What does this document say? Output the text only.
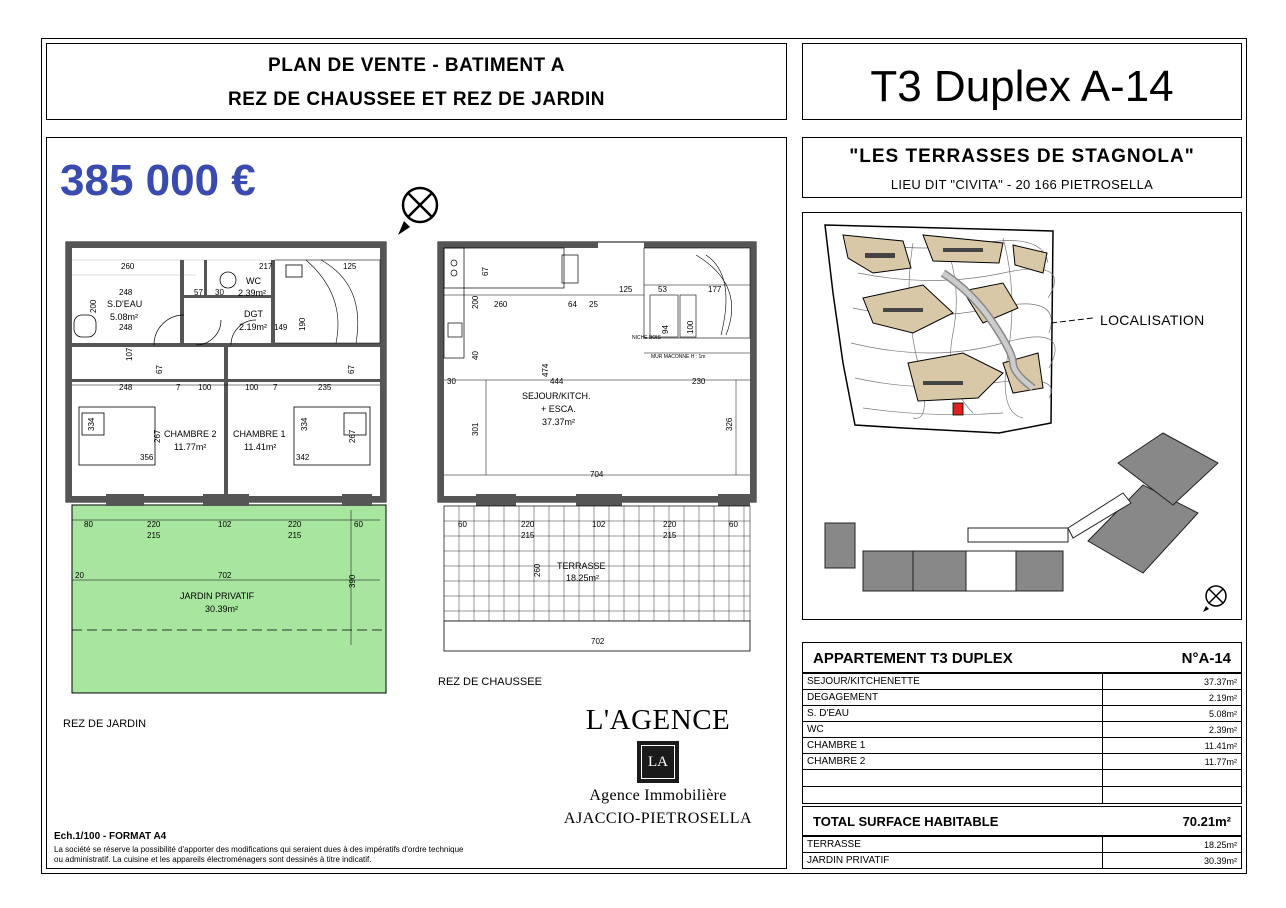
PLAN DE VENTE - BATIMENT A
REZ DE CHAUSSEE ET REZ DE JARDIN	T3 Duplex A-14
"LES TERRASSES DE STAGNOLA"
LIEU DIT "CIVITA" - 20 166 PIETROSELLA
LOCALISATION
385 000 €
260	217	125
248	57 30
248
248	7 100	100 7	235
149
356	342
80	220	102	220	60
215	215
20	702	390
200
107
190
67	67
334	334
267	267
S.D'EAU
5.08m²
WC
2.39m²
DGT
2.19m²
CHAMBRE 2
11.77m²
CHAMBRE 1
11.41m²
JARDIN PRIVATIF
30.39m²
67
200 260	64 25
125	53	177
94 100
40
474
30	444	230
301	326
704
60	220	102	220	60
215	215
260
702
NICHE BOIS
MUR MACONNE H : 1m
SEJOUR/KITCH.
+ ESCA.
37.37m²
TERRASSE
18.25m²
REZ DE JARDIN
REZ DE CHAUSSEE
L'AGENCE
LA
Agence Immobilière
AJACCIO-PIETROSELLA
Ech.1/100 - FORMAT A4
La société se réserve la possibilité d'apporter des modifications qui seraient dues à des impératifs d'ordre technique
ou administratif. La cuisine et les appareils électroménagers sont dessinés à titre indicatif.
APPARTEMENT T3 DUPLEX	N°A-14
SEJOUR/KITCHENETTE	37.37m²
DEGAGEMENT	2.19m²
S. D'EAU	5.08m²
WC	2.39m²
CHAMBRE 1	11.41m²
CHAMBRE 2	11.77m²

TOTAL SURFACE HABITABLE	70.21m²
TERRASSE	18.25m²
JARDIN PRIVATIF	30.39m²
